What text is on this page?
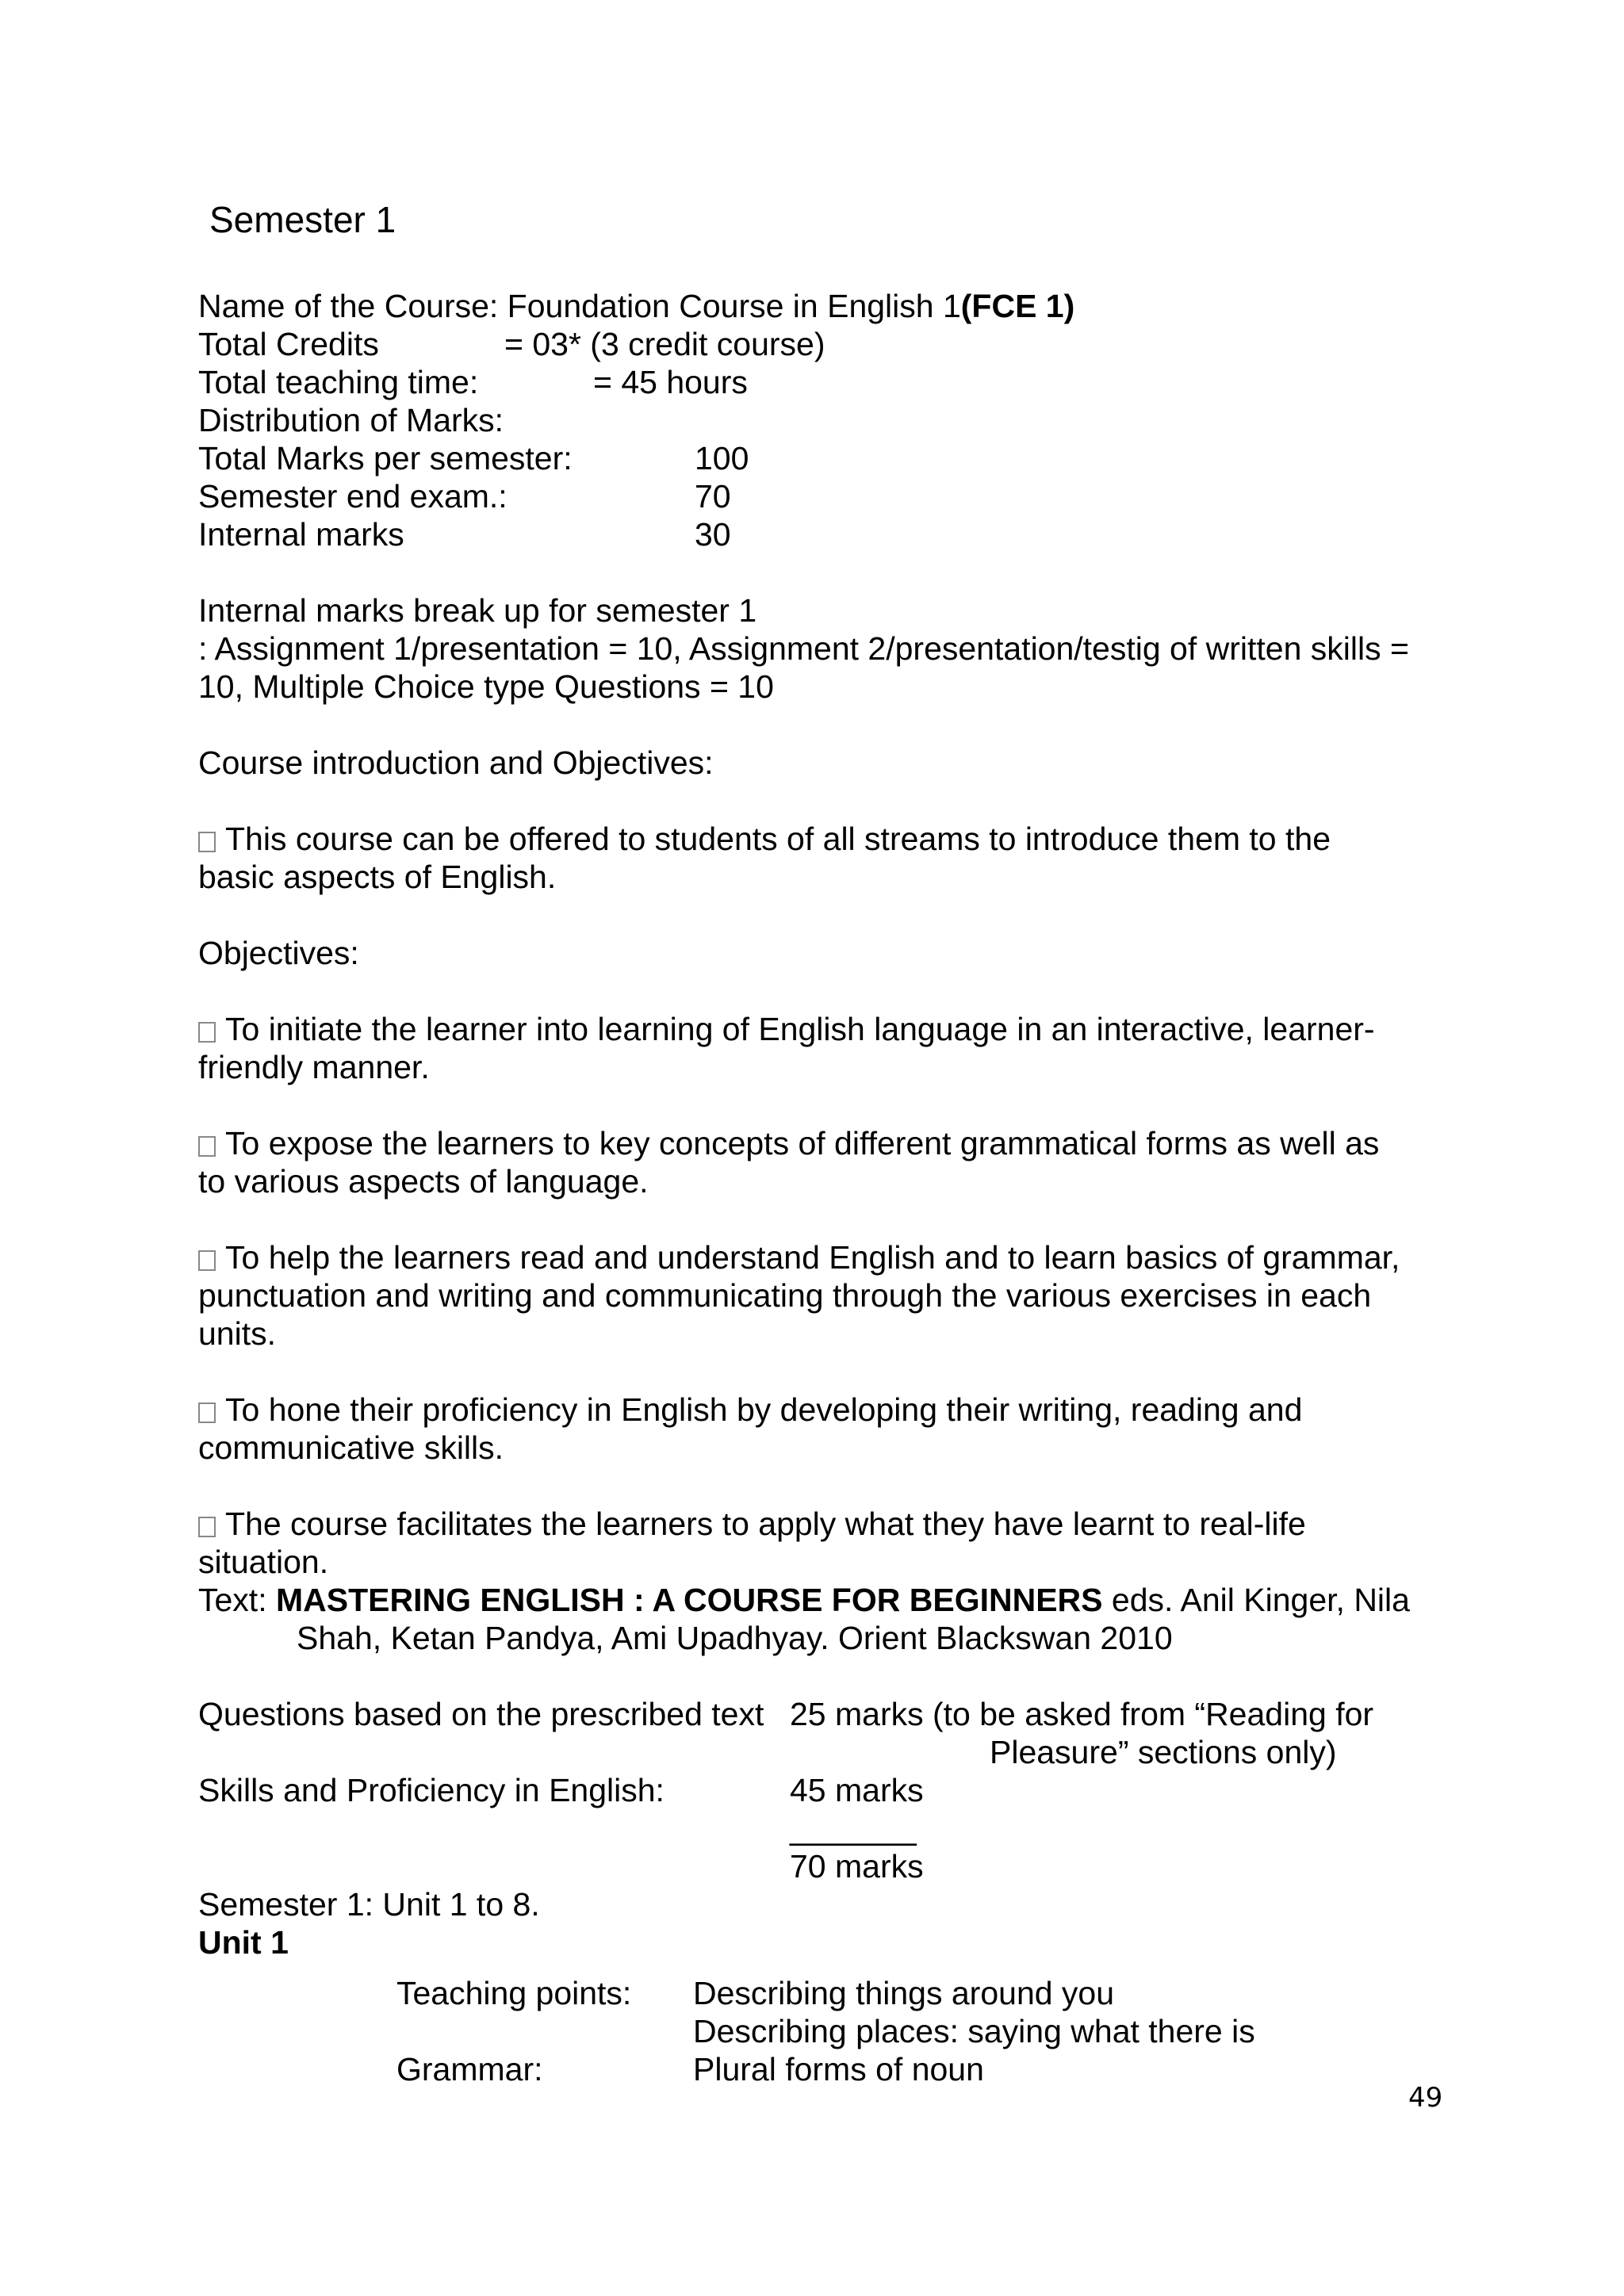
Semester 1
Name of the Course: Foundation Course in English 1(FCE 1)
Total Credits	= 03* (3 credit course)
Total teaching time:	= 45 hours
Distribution of Marks:
Total Marks per semester:	100
Semester end exam.:	70
Internal marks	30
Internal marks break up for semester 1
: Assignment 1/presentation = 10, Assignment 2/presentation/testig of written skills =
10, Multiple Choice type Questions = 10
Course introduction and Objectives:
This course can be offered to students of all streams to introduce them to the
basic aspects of English.
Objectives:
To initiate the learner into learning of English language in an interactive, learner-
friendly manner.
To expose the learners to key concepts of different grammatical forms as well as
to various aspects of language.
To help the learners read and understand English and to learn basics of grammar,
punctuation and writing and communicating through the various exercises in each
units.
To hone their proficiency in English by developing their writing, reading and
communicative skills.
The course facilitates the learners to apply what they have learnt to real-life
situation.
Text: MASTERING ENGLISH : A COURSE FOR BEGINNERS eds. Anil Kinger, Nila
Shah, Ketan Pandya, Ami Upadhyay. Orient Blackswan 2010
Questions based on the prescribed text 25 marks (to be asked from “Reading for
Pleasure” sections only)
Skills and Proficiency in English:	45 marks
_______
70 marks
Semester 1: Unit 1 to 8.
Unit 1
Teaching points: Describing things around you
Describing places: saying what there is
Grammar:	Plural forms of noun
49
